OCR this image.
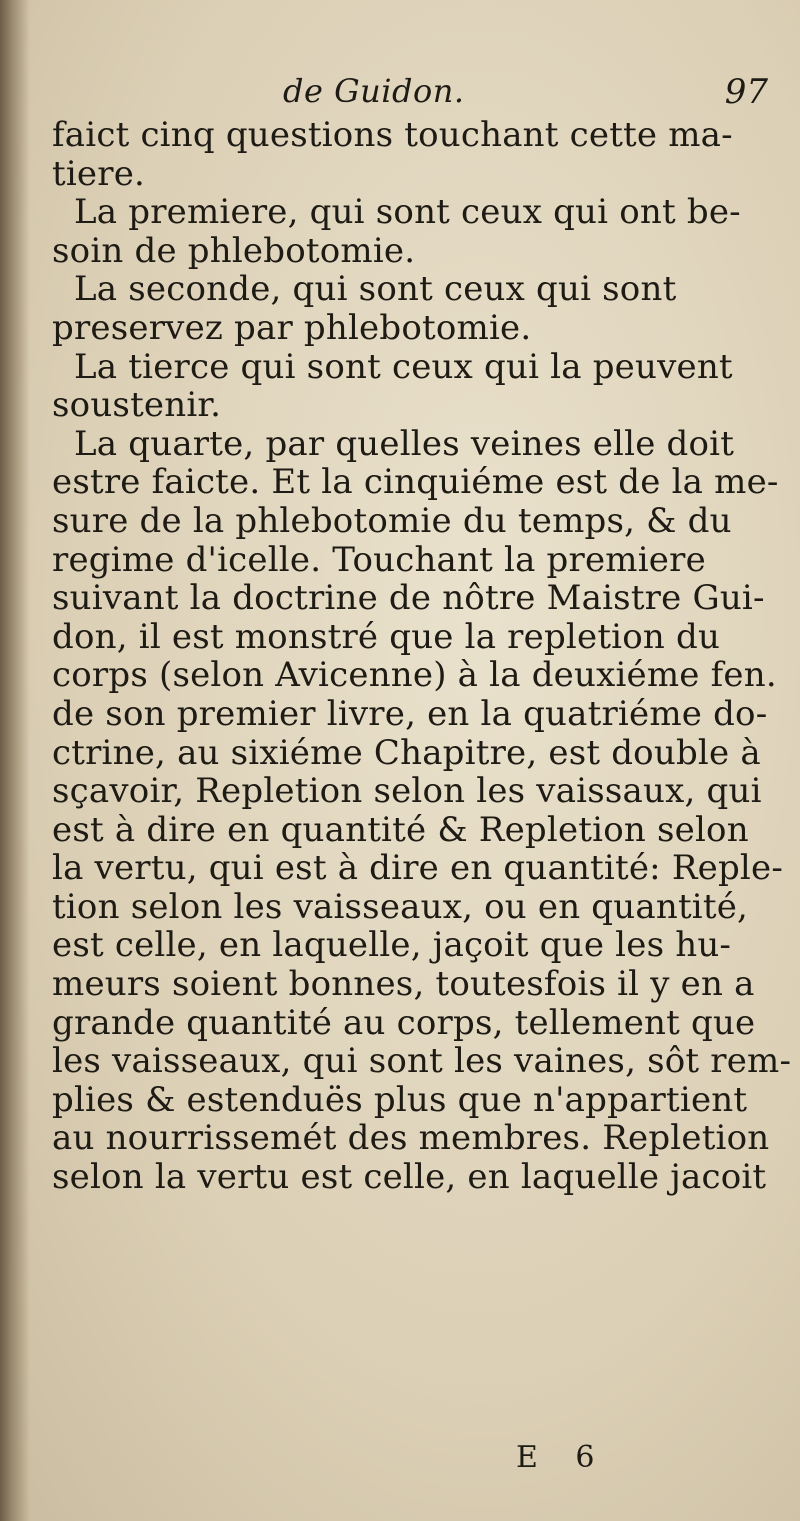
de Guidon.	97
faict cinq questions touchant cette ma-
tiere.
La premiere, qui sont ceux qui ont be-
soin de phlebotomie.
La seconde, qui sont ceux qui sont
preservez par phlebotomie.
La tierce qui sont ceux qui la peuvent
soustenir.
La quarte, par quelles veines elle doit
estre faicte. Et la cinquiéme est de la me-
sure de la phlebotomie du temps, & du
regime d'icelle. Touchant la premiere
suivant la doctrine de nôtre Maistre Gui-
don, il est monstré que la repletion du
corps (selon Avicenne) à la deuxiéme fen.
de son premier livre, en la quatriéme do-
ctrine, au sixiéme Chapitre, est double à
sçavoir, Repletion selon les vaissaux, qui
est à dire en quantité & Repletion selon
la vertu, qui est à dire en quantité: Reple-
tion selon les vaisseaux, ou en quantité,
est celle, en laquelle, jaçoit que les hu-
meurs soient bonnes, toutesfois il y en a
grande quantité au corps, tellement que
les vaisseaux, qui sont les vaines, sôt rem-
plies & estenduës plus que n'appartient
au nourrissemét des membres. Repletion
selon la vertu est celle, en laquelle jacoit
E 6
